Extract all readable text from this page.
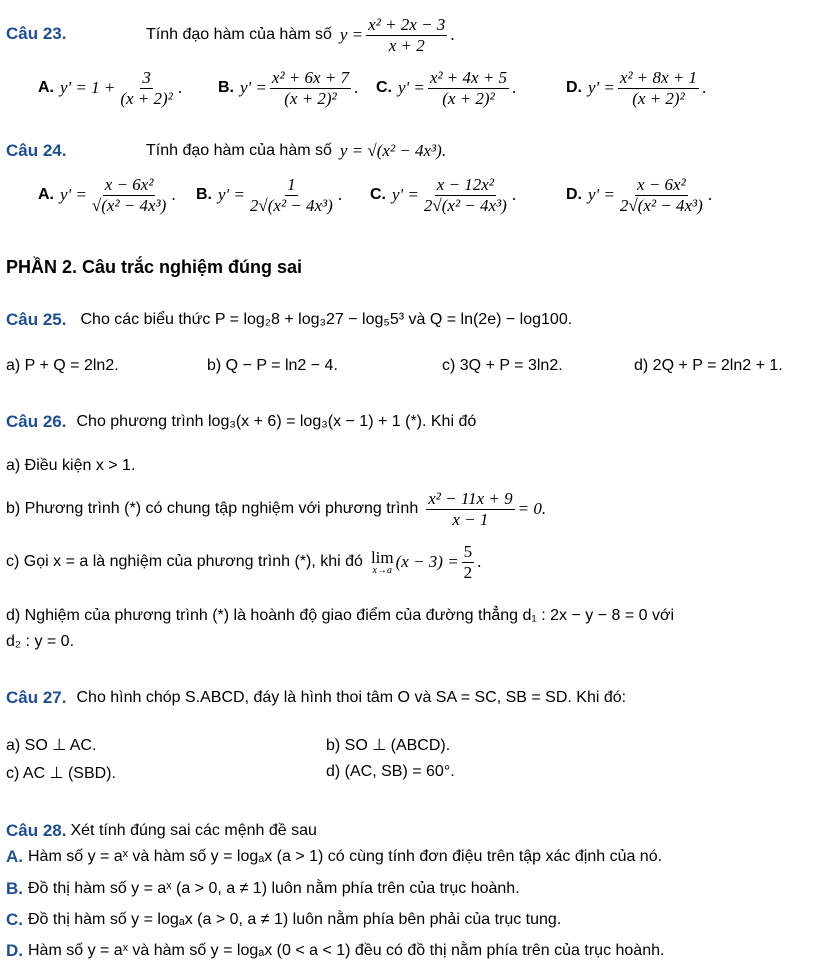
Câu 23.	Tính đạo hàm của hàm số $y = \frac{\text{x² + 2x − 3}}{x + 2}$ .
A. $y' = 1 + \frac{3}{\text{(x + 2)²}}$ . B. $y' = \frac{\text{x² + 6x + 7}}{\text{(x + 2)²}}$ . C. $y' = \frac{\text{x² + 4x + 5}}{\text{(x + 2)²}}$ .	D. $y' = \frac{\text{x² + 8x + 1}}{\text{(x + 2)²}}$ .
Câu 24.	Tính đạo hàm của hàm số y = √(x² − 4x³).
A. $y' = \frac{\text{x − 6x²}}{\text{√(x² − 4x³)}}$ . B. $y' = \frac{1}{\text{2√(x² − 4x³)}}$ . C. $y' = \frac{\text{x − 12x²}}{\text{2√(x² − 4x³)}}$ .	D. $y' = \frac{\text{x − 6x²}}{\text{2√(x² − 4x³)}}$ .
PHẦN 2. Câu trắc nghiệm đúng sai
Câu 25. Cho các biểu thức P = log₂8 + log₃27 − log₅5³ và Q = ln(2e) − log100.
a) P + Q = 2ln2.	b) Q − P = ln2 − 4.	c) 3Q + P = 3ln2.	d) 2Q + P = 2ln2 + 1.
Câu 26. Cho phương trình log₃(x + 6) = log₃(x − 1) + 1 (*). Khi đó
a) Điều kiện x > 1.
b) Phương trình (*) có chung tập nghiệm với phương trình $\frac{\text{x² − 11x + 9}}{x - 1} = 0$.
c) Gọi x = a là nghiệm của phương trình (*), khi đó lim
x→a $(x - 3) = \frac{5}{2}$ .
d) Nghiệm của phương trình (*) là hoành độ giao điểm của đường thẳng d₁ : 2x − y − 8 = 0 với
d₂ : y = 0.
Câu 27. Cho hình chóp S.ABCD, đáy là hình thoi tâm O và SA = SC, SB = SD. Khi đó:
a) SO ⊥ AC.	b) SO ⊥ (ABCD).
c) AC ⊥ (SBD).	d) (AC, SB) = 60°.
Câu 28. Xét tính đúng sai các mệnh đề sau
A. Hàm số y = aˣ và hàm số y = logₐx (a > 1) có cùng tính đơn điệu trên tập xác định của nó.
B. Đồ thị hàm số y = aˣ (a > 0, a ≠ 1) luôn nằm phía trên của trục hoành.
C. Đồ thị hàm số y = logₐx (a > 0, a ≠ 1) luôn nằm phía bên phải của trục tung.
D. Hàm số y = aˣ và hàm số y = logₐx (0 < a < 1) đều có đồ thị nằm phía trên của trục hoành.
